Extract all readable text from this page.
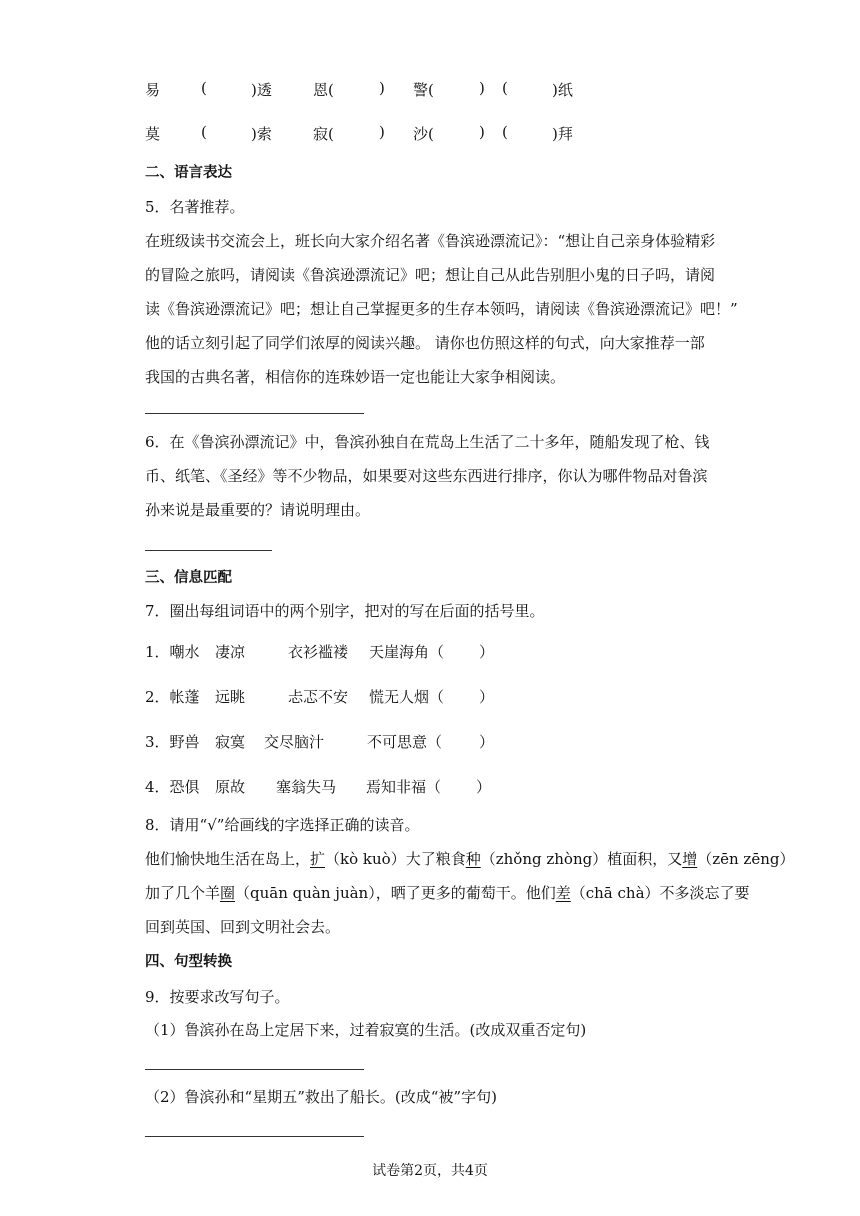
易	(	)透	恩(	) 警(	) (	)纸
莫	(	)索	寂(	) 沙(	) (	)拜
二、语言表达
5．名著推荐。
在班级读书交流会上，班长向大家介绍名著《鲁滨逊漂流记》：“想让自己亲身体验精彩
的冒险之旅吗，请阅读《鲁滨逊漂流记》吧；想让自己从此告别胆小鬼的日子吗，请阅
读《鲁滨逊漂流记》吧；想让自己掌握更多的生存本领吗，请阅读《鲁滨逊漂流记》吧！”
他的话立刻引起了同学们浓厚的阅读兴趣。 请你也仿照这样的句式，向大家推荐一部
我国的古典名著，相信你的连珠妙语一定也能让大家争相阅读。
6．在《鲁滨孙漂流记》中，鲁滨孙独自在荒岛上生活了二十多年，随船发现了枪、钱
币、纸笔、《圣经》等不少物品，如果要对这些东西进行排序，你认为哪件物品对鲁滨
孙来说是最重要的？请说明理由。
三、信息匹配
7．圈出每组词语中的两个别字，把对的写在后面的括号里。
1．嘲水 凄凉	衣衫褴褛 天崖海角（ ）
2．帐蓬 远眺	忐忑不安 慌无人烟（ ）
3．野兽 寂寞 交尽脑汁	不可思意（ ）
4．恐俱 原故 塞翁失马 焉知非福（ ）
8．请用“√”给画线的字选择正确的读音。
他们愉快地生活在岛上，扩（kò kuò）大了粮食种（zhǒng zhòng）植面积，又增（zēn zēng）
加了几个羊圈（quān quàn juàn），晒了更多的葡萄干。他们差（chā chà）不多淡忘了要
回到英国、回到文明社会去。
四、句型转换
9．按要求改写句子。
（1）鲁滨孙在岛上定居下来，过着寂寞的生活。(改成双重否定句)
（2）鲁滨孙和“星期五”救出了船长。(改成“被”字句)
试卷第2页，共4页
